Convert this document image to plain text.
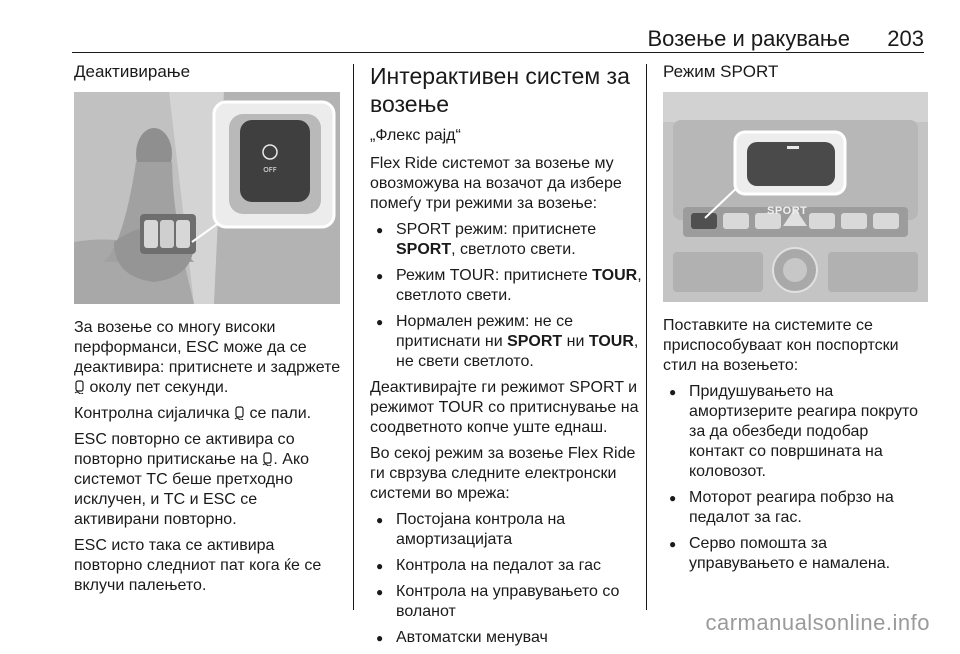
Возење и ракување 203
Деактивирање
OFF

За возење со многу високи перформанси, ESC може да се деактивира: притиснете и задржете  околу пет секунди.

Контролна сијаличка  се пали.

ESC повторно се активира со повторно притискање на . Ако системот TC беше претходно исклучен, и TC и ESC се активирани повторно.

ESC исто така се активира повторно следниот пат кога ќе се вклучи палењето.

Интерактивен систем за возење
„Флекс рајд“

Flex Ride системот за возење му овозможува на возачот да избере помеѓу три режими за возење:

● SPORT режим: притиснете SPORT, светлото свети.
● Режим TOUR: притиснете TOUR, светлото свети.
● Нормален режим: не се притиснати ни SPORT ни TOUR, не свети светлото.

Деактивирајте ги режимот SPORT и режимот TOUR со притиснување на соодветното копче уште еднаш.

Во секој режим за возење Flex Ride ги сврзува следните електронски системи во мрежа:

● Постојана контрола на амортизацијата
● Контрола на педалот за гас
● Контрола на управувањето со воланот
● Автоматски менувач
Режим SPORT
SPORT

Поставките на системите се приспособуваат кон поспортски стил на возењето:

● Придушувањето на амортизерите реагира покруто за да обезбеди подобар контакт со површината на коловозот.
● Моторот реагира побрзо на педалот за гас.
● Серво помошта за управувањето е намалена.
carmanualsonline.info
